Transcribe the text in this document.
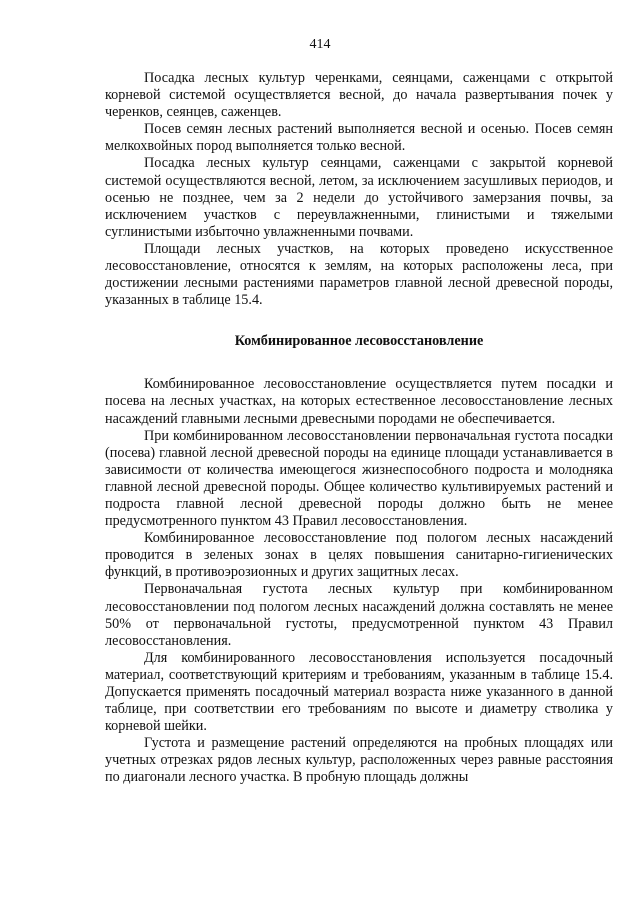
414

Посадка лесных культур черенками, сеянцами, саженцами с открытой корневой системой осуществляется весной, до начала развертывания почек у черенков, сеянцев, саженцев.

Посев семян лесных растений выполняется весной и осенью. Посев семян мелкохвойных пород выполняется только весной.

Посадка лесных культур сеянцами, саженцами с закрытой корневой системой осуществляются весной, летом, за исключением засушливых периодов, и осенью не позднее, чем за 2 недели до устойчивого замерзания почвы, за исключением участков с переувлажненными, глинистыми и тяжелыми суглинистыми избыточно увлажненными почвами.

Площади лесных участков, на которых проведено искусственное лесовосстановление, относятся к землям, на которых расположены леса, при достижении лесными растениями параметров главной лесной древесной породы, указанных в таблице 15.4.

Комбинированное лесовосстановление

Комбинированное лесовосстановление осуществляется путем посадки и посева на лесных участках, на которых естественное лесовосстановление лесных насаждений главными лесными древесными породами не обеспечивается.

При комбинированном лесовосстановлении первоначальная густота посадки (посева) главной лесной древесной породы на единице площади устанавливается в зависимости от количества имеющегося жизнеспособного подроста и молодняка главной лесной древесной породы. Общее количество культивируемых растений и подроста главной лесной древесной породы должно быть не менее предусмотренного пунктом 43 Правил лесовосстановления.

Комбинированное лесовосстановление под пологом лесных насаждений проводится в зеленых зонах в целях повышения санитарно-гигиенических функций, в противоэрозионных и других защитных лесах.

Первоначальная густота лесных культур при комбинированном лесовосстановлении под пологом лесных насаждений должна составлять не менее 50% от первоначальной густоты, предусмотренной пунктом 43 Правил лесовосстановления.

Для комбинированного лесовосстановления используется посадочный материал, соответствующий критериям и требованиям, указанным в таблице 15.4. Допускается применять посадочный материал возраста ниже указанного в данной таблице, при соответствии его требованиям по высоте и диаметру стволика у корневой шейки.

Густота и размещение растений определяются на пробных площадях или учетных отрезках рядов лесных культур, расположенных через равные расстояния по диагонали лесного участка. В пробную площадь должны
